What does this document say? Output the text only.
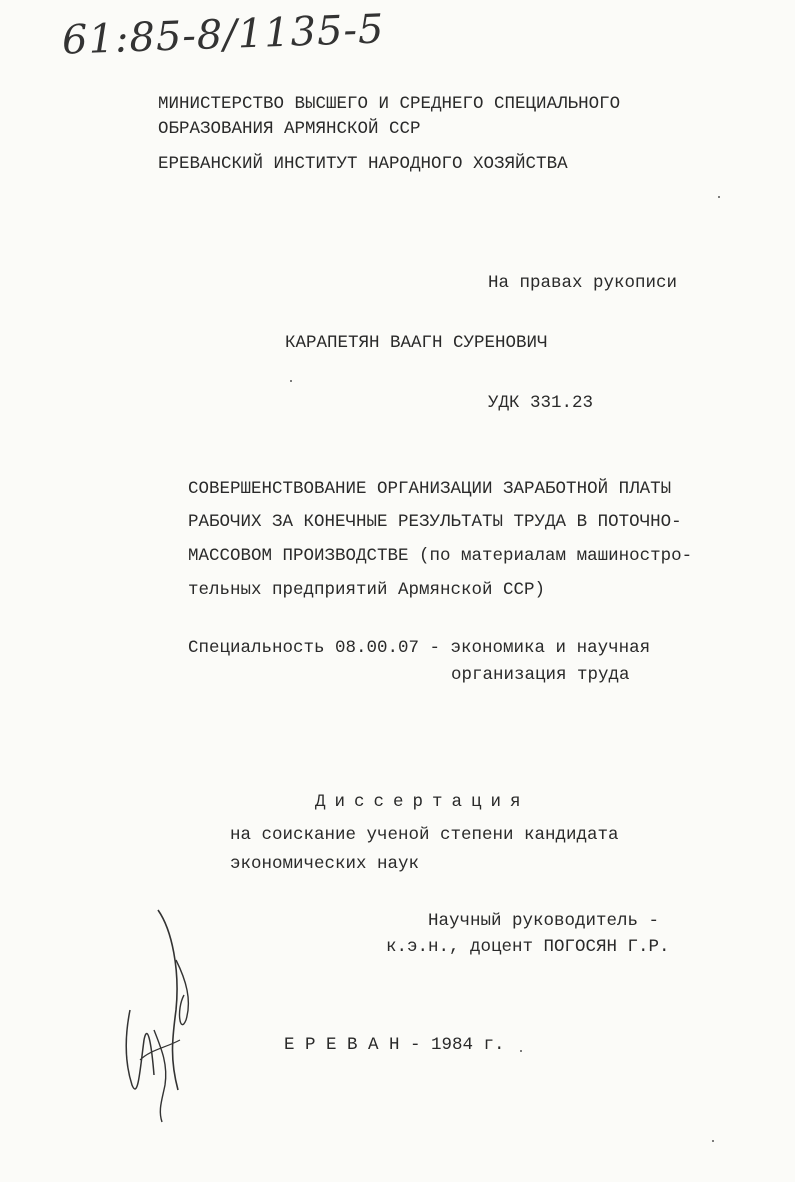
61:85-8/1135-5
МИНИСТЕРСТВО ВЫСШЕГО И СРЕДНЕГО СПЕЦИАЛЬНОГО
ОБРАЗОВАНИЯ АРМЯНСКОЙ ССР
ЕРЕВАНСКИЙ ИНСТИТУТ НАРОДНОГО ХОЗЯЙСТВА
На правах рукописи
КАРАПЕТЯН ВААГН СУРЕНОВИЧ
УДК 331.23
СОВЕРШЕНСТВОВАНИЕ ОРГАНИЗАЦИИ ЗАРАБОТНОЙ ПЛАТЫ
РАБОЧИХ ЗА КОНЕЧНЫЕ РЕЗУЛЬТАТЫ ТРУДА В ПОТОЧНО-
МАССОВОМ ПРОИЗВОДСТВЕ (по материалам машиностро-
тельных предприятий Армянской ССР)
Специальность 08.00.07 - экономика и научная
организация труда
Диссертация
на соискание ученой степени кандидата
экономических наук
Научный руководитель -
к.э.н., доцент ПОГОСЯН Г.Р.
Е Р Е В А Н - 1984 г.
